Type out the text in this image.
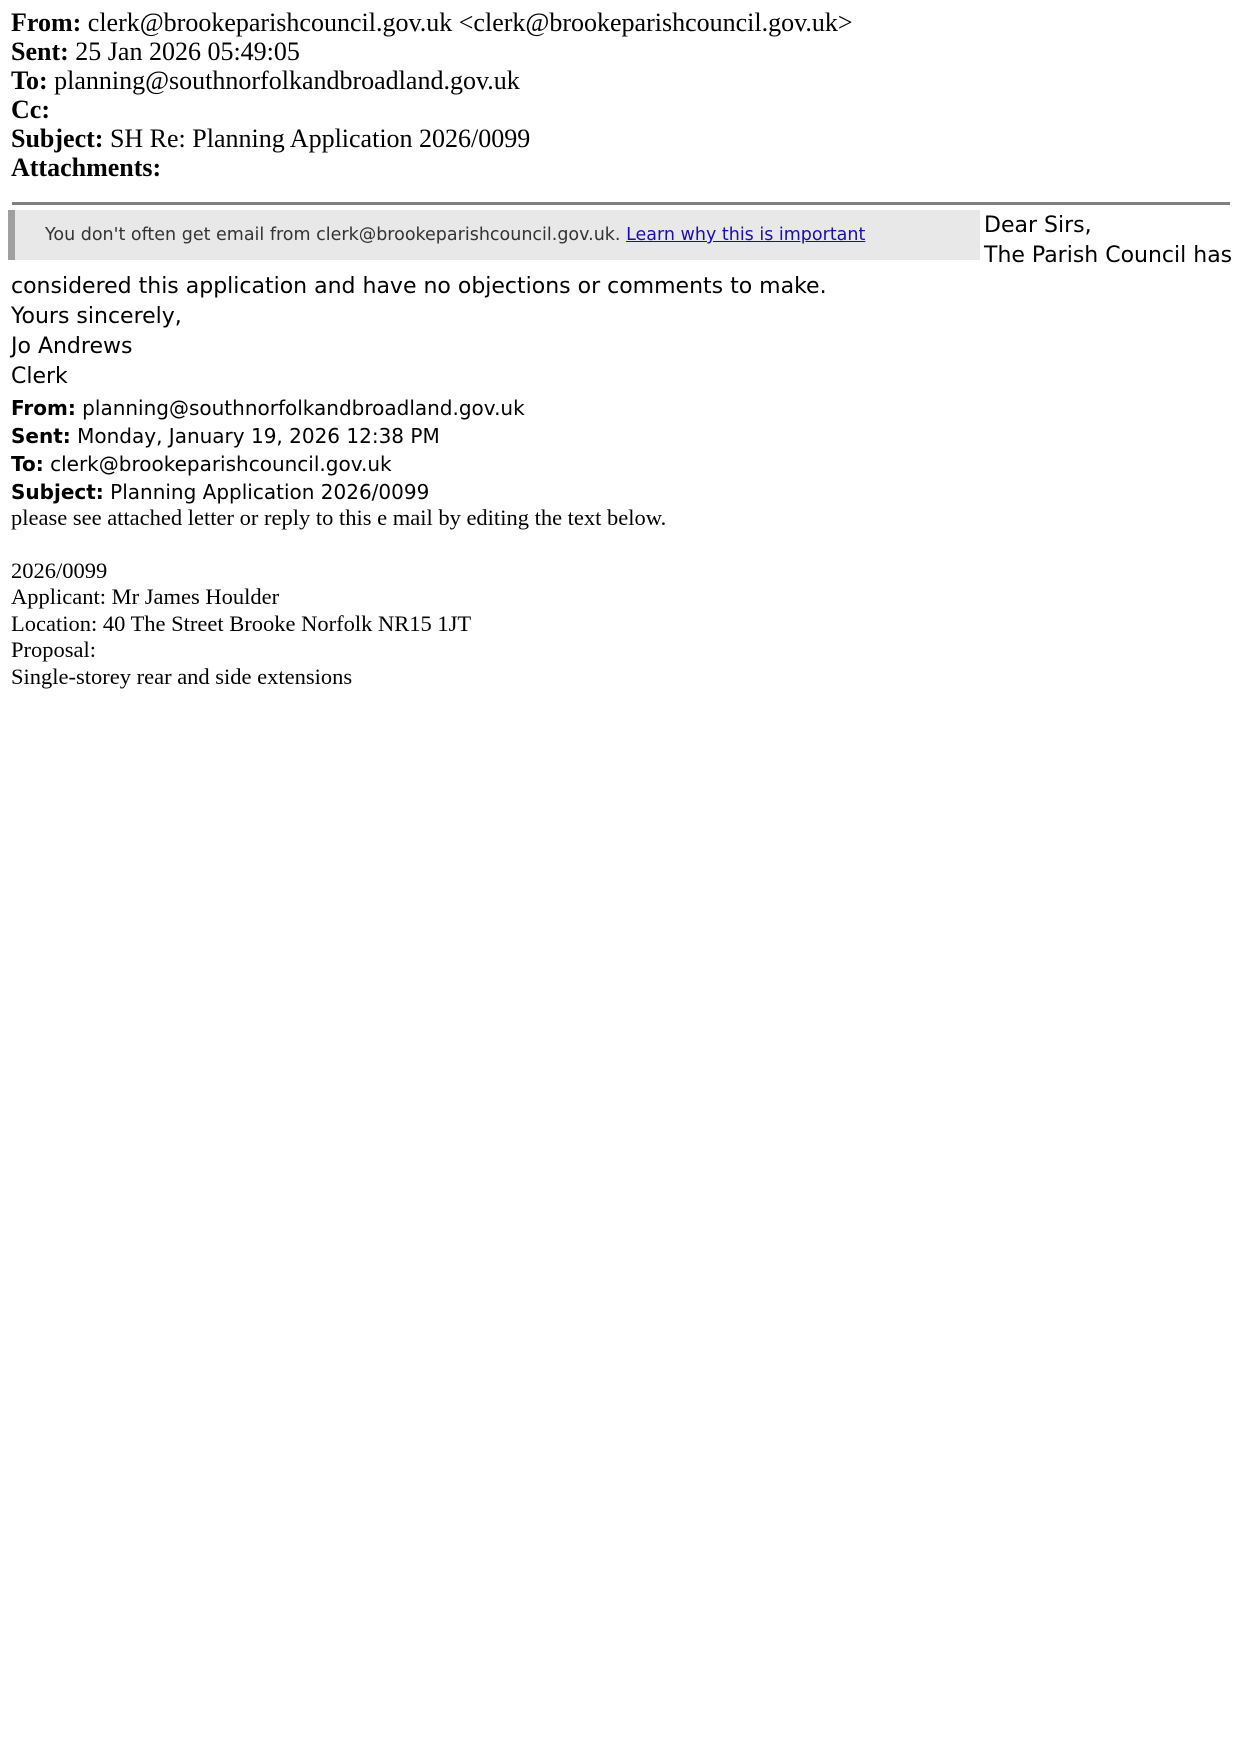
From: clerk@brookeparishcouncil.gov.uk <clerk@brookeparishcouncil.gov.uk>
Sent: 25 Jan 2026 05:49:05
To: planning@southnorfolkandbroadland.gov.uk
Cc:
Subject: SH Re: Planning Application 2026/0099
Attachments:
You don't often get email from clerk@brookeparishcouncil.gov.uk. Learn why this is important	Dear Sirs,
The Parish Council has
considered this application and have no objections or comments to make.
Yours sincerely,
Jo Andrews
Clerk
From: planning@southnorfolkandbroadland.gov.uk
Sent: Monday, January 19, 2026 12:38 PM
To: clerk@brookeparishcouncil.gov.uk
Subject: Planning Application 2026/0099
please see attached letter or reply to this e mail by editing the text below.
2026/0099
Applicant: Mr James Houlder
Location: 40 The Street Brooke Norfolk NR15 1JT
Proposal:
Single-storey rear and side extensions
